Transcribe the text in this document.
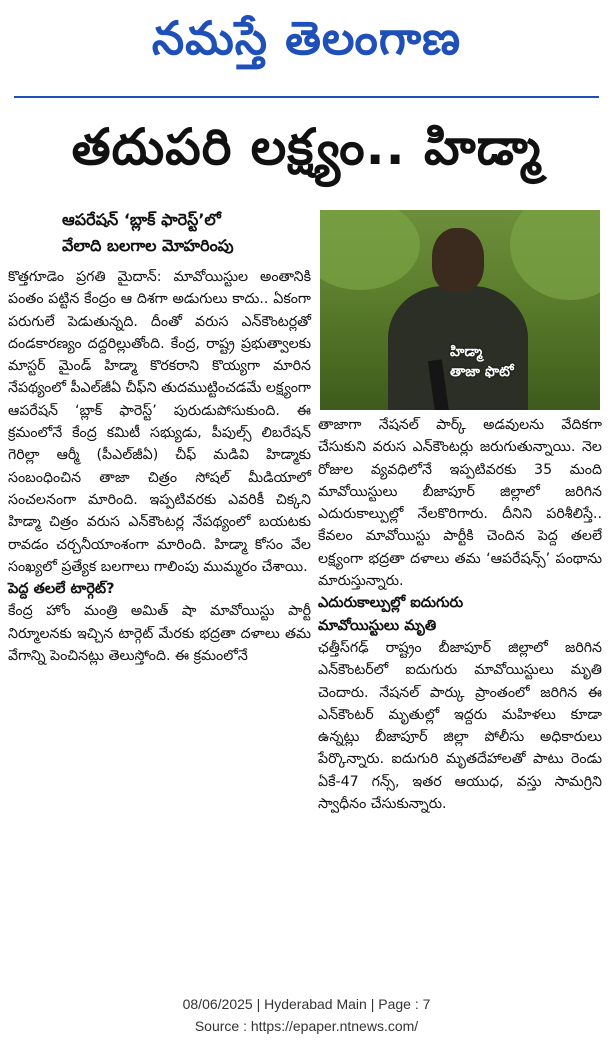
నమస్తే తెలంగాణ
తదుపరి లక్ష్యం.. హిడ్మా
ఆపరేషన్ ‘బ్లాక్ ఫారెస్ట్’లో
వేలాది బలగాల మోహరింపు
హిడ్మా
తాజా ఫొటో

కొత్తగూడెం ప్రగతి మైదాన్: మావోయిస్టుల అంతానికి పంతం పట్టిన కేంద్రం ఆ దిశగా అడుగులు కాదు.. ఏకంగా పరుగులే పెడుతున్నది. దీంతో వరుస ఎన్‌కౌంటర్లతో దండకారణ్యం దద్దరిల్లుతోంది. కేంద్ర, రాష్ట్ర ప్రభుత్వాలకు మాస్టర్ మైండ్ హిడ్మా కొరకరాని కొయ్యగా మారిన నేపథ్యంలో పీఎల్‌జీఏ చీఫ్‌ని తుదముట్టించడమే లక్ష్యంగా ఆపరేషన్ ‘బ్లాక్ ఫారెస్ట్’ పురుడుపోసుకుంది. ఈ క్రమంలోనే కేంద్ర కమిటీ సభ్యుడు, పీపుల్స్ లిబరేషన్ గెరిల్లా ఆర్మీ (పీఎల్‌జీఏ) చీఫ్ మడివి హిడ్మాకు సంబంధించిన తాజా చిత్రం సోషల్ మీడియాలో సంచలనంగా మారింది. ఇప్పటివరకు ఎవరికీ చిక్కని హిడ్మా చిత్రం వరుస ఎన్‌కౌంటర్ల నేపథ్యంలో బయటకు రావడం చర్చనీయాంశంగా మారింది. హిడ్మా కోసం వేల సంఖ్యలో ప్రత్యేక బలగాలు గాలింపు ముమ్మరం చేశాయి.

పెద్ద తలలే టార్గెట్?

కేంద్ర హోం మంత్రి అమిత్ షా మావోయిస్టు పార్టీ నిర్మూలనకు ఇచ్చిన టార్గెట్ మేరకు భద్రతా దళాలు తమ వేగాన్ని పెంచినట్లు తెలుస్తోంది. ఈ క్రమంలోనే

తాజాగా నేషనల్ పార్క్ అడవులను వేదికగా చేసుకుని వరుస ఎన్‌కౌంటర్లు జరుగుతున్నాయి. నెల రోజుల వ్యవధిలోనే ఇప్పటివరకు 35 మంది మావోయిస్టులు బీజాపూర్ జిల్లాలో జరిగిన ఎదురుకాల్పుల్లో నేలకొరిగారు. దీనిని పరిశీలిస్తే.. కేవలం మావోయిస్టు పార్టీకి చెందిన పెద్ద తలలే లక్ష్యంగా భద్రతా దళాలు తమ ‘ఆపరేషన్స్’ పంథాను మారుస్తున్నారు.

ఎదురుకాల్పుల్లో ఐదుగురు

మావోయిస్టులు మృతి

ఛత్తీస్‌గఢ్ రాష్ట్రం బీజాపూర్ జిల్లాలో జరిగిన ఎన్‌కౌంటర్‌లో ఐదుగురు మావోయిస్టులు మృతి చెందారు. నేషనల్ పార్కు ప్రాంతంలో జరిగిన ఈ ఎన్‌కౌంటర్ మృతుల్లో ఇద్దరు మహిళలు కూడా ఉన్నట్లు బీజాపూర్ జిల్లా పోలీసు అధికారులు పేర్కొన్నారు. ఐదుగురి మృతదేహాలతో పాటు రెండు ఏకే-47 గన్స్, ఇతర ఆయుధ, వస్తు సామగ్రిని స్వాధీనం చేసుకున్నారు.

08/06/2025 | Hyderabad Main | Page : 7
Source : https://epaper.ntnews.com/
